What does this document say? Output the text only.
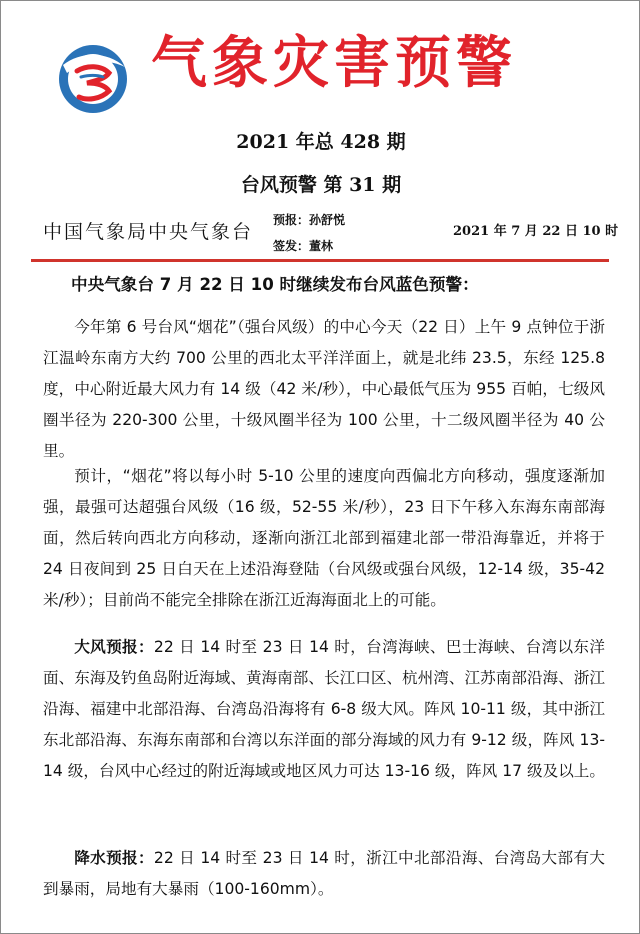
气象灾害预警
2021 年总 428 期
台风预警 第 31 期
中国气象局中央气象台
预报：孙舒悦
签发：董林
2021 年 7 月 22 日 10 时
中央气象台 7 月 22 日 10 时继续发布台风蓝色预警：

今年第 6 号台风“烟花”（强台风级）的中心今天（22 日）上午 9 点钟位于浙江温岭东南方大约 700 公里的西北太平洋洋面上，就是北纬 23.5，东经 125.8 度，中心附近最大风力有 14 级（42 米/秒），中心最低气压为 955 百帕，七级风圈半径为 220-300 公里，十级风圈半径为 100 公里，十二级风圈半径为 40 公里。

预计，“烟花”将以每小时 5-10 公里的速度向西偏北方向移动，强度逐渐加强，最强可达超强台风级（16 级，52-55 米/秒），23 日下午移入东海东南部海面，然后转向西北方向移动，逐渐向浙江北部到福建北部一带沿海靠近，并将于 24 日夜间到 25 日白天在上述沿海登陆（台风级或强台风级，12-14 级，35-42 米/秒）；目前尚不能完全排除在浙江近海海面北上的可能。

大风预报：22 日 14 时至 23 日 14 时，台湾海峡、巴士海峡、台湾以东洋面、东海及钓鱼岛附近海域、黄海南部、长江口区、杭州湾、江苏南部沿海、浙江沿海、福建中北部沿海、台湾岛沿海将有 6-8 级大风。阵风 10-11 级，其中浙江东北部沿海、东海东南部和台湾以东洋面的部分海域的风力有 9-12 级，阵风 13-14 级，台风中心经过的附近海域或地区风力可达 13-16 级，阵风 17 级及以上。

降水预报：22 日 14 时至 23 日 14 时，浙江中北部沿海、台湾岛大部有大到暴雨，局地有大暴雨（100-160mm）。
